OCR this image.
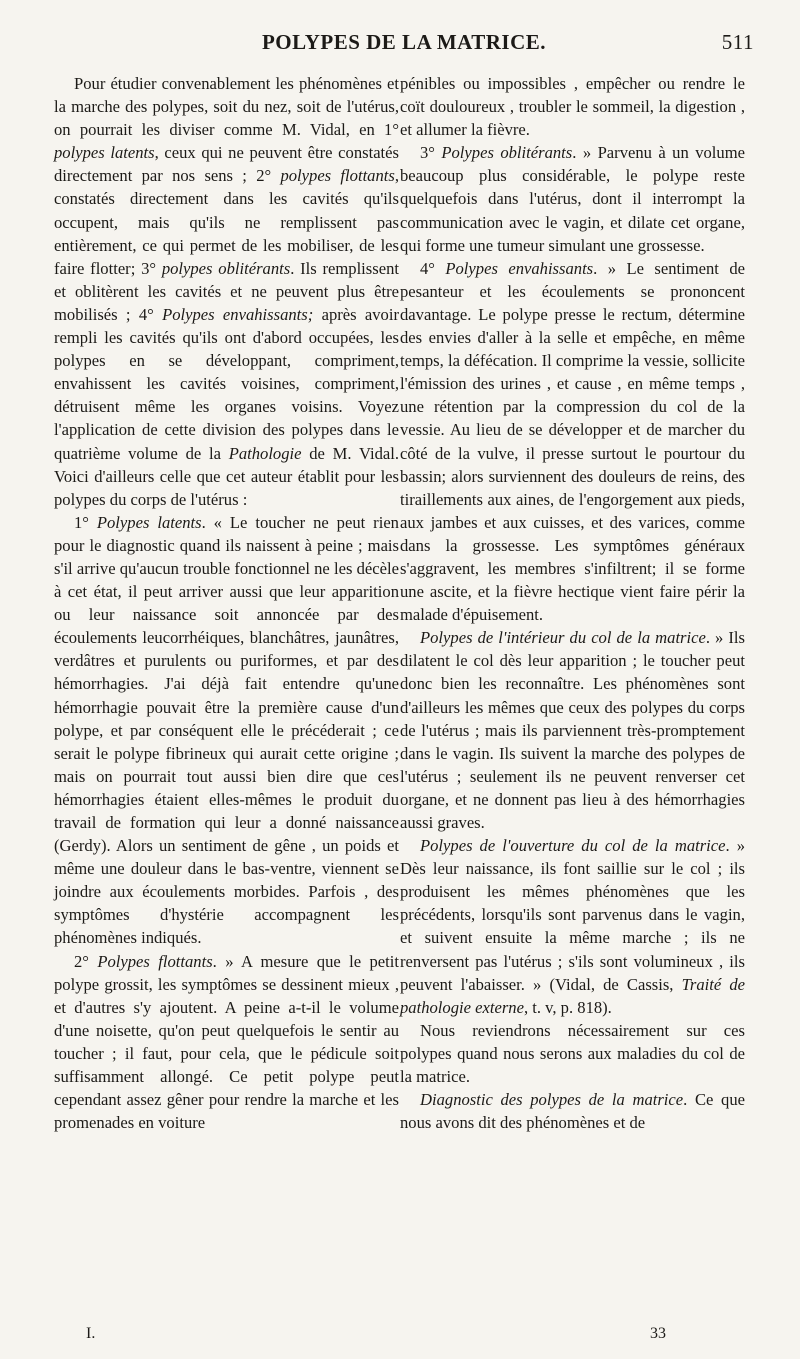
POLYPES DE LA MATRICE.	511

Pour étudier convenablement les phénomènes et la marche des polypes, soit du nez, soit de l'utérus, on pourrait les diviser comme M. Vidal, en 1° polypes latents, ceux qui ne peuvent être constatés directement par nos sens ; 2° polypes flottants, constatés directement dans les cavités qu'ils occupent, mais qu'ils ne remplissent pas entièrement, ce qui permet de les mobiliser, de les faire flotter; 3° polypes oblitérants. Ils remplissent et oblitèrent les cavités et ne peuvent plus être mobilisés ; 4° Polypes envahissants; après avoir rempli les cavités qu'ils ont d'abord occupées, les polypes en se développant, compriment, envahissent les cavités voisines, compriment, détruisent même les organes voisins. Voyez l'application de cette division des polypes dans le quatrième volume de la Pathologie de M. Vidal. Voici d'ailleurs celle que cet auteur établit pour les polypes du corps de l'utérus :

1° Polypes latents. « Le toucher ne peut rien pour le diagnostic quand ils naissent à peine ; mais s'il arrive qu'aucun trouble fonctionnel ne les décèle à cet état, il peut arriver aussi que leur apparition ou leur naissance soit annoncée par des écoulements leucorrhéiques, blanchâtres, jaunâtres, verdâtres et purulents ou puriformes, et par des hémorrhagies. J'ai déjà fait entendre qu'une hémorrhagie pouvait être la première cause d'un polype, et par conséquent elle le précéderait ; ce serait le polype fibrineux qui aurait cette origine ; mais on pourrait tout aussi bien dire que ces hémorrhagies étaient elles-mêmes le produit du travail de formation qui leur a donné naissance (Gerdy). Alors un sentiment de gêne , un poids et même une douleur dans le bas-ventre, viennent se joindre aux écoulements morbides. Parfois , des symptômes d'hystérie accompagnent les phénomènes indiqués.

2° Polypes flottants. » A mesure que le petit polype grossit, les symptômes se dessinent mieux , et d'autres s'y ajoutent. A peine a-t-il le volume d'une noisette, qu'on peut quelquefois le sentir au toucher ; il faut, pour cela, que le pédicule soit suffisamment allongé. Ce petit polype peut cependant assez gêner pour rendre la marche et les promenades en voiture

pénibles ou impossibles , empêcher ou rendre le coït douloureux , troubler le sommeil, la digestion , et allumer la fièvre.

3° Polypes oblitérants. » Parvenu à un volume beaucoup plus considérable, le polype reste quelquefois dans l'utérus, dont il interrompt la communication avec le vagin, et dilate cet organe, qui forme une tumeur simulant une grossesse.

4° Polypes envahissants. » Le sentiment de pesanteur et les écoulements se prononcent davantage. Le polype presse le rectum, détermine des envies d'aller à la selle et empêche, en même temps, la défécation. Il comprime la vessie, sollicite l'émission des urines , et cause , en même temps , une rétention par la compression du col de la vessie. Au lieu de se développer et de marcher du côté de la vulve, il presse surtout le pourtour du bassin; alors surviennent des douleurs de reins, des tiraillements aux aines, de l'engorgement aux pieds, aux jambes et aux cuisses, et des varices, comme dans la grossesse. Les symptômes généraux s'aggravent, les membres s'infiltrent; il se forme une ascite, et la fièvre hectique vient faire périr la malade d'épuisement.

Polypes de l'intérieur du col de la matrice. » Ils dilatent le col dès leur apparition ; le toucher peut donc bien les reconnaître. Les phénomènes sont d'ailleurs les mêmes que ceux des polypes du corps de l'utérus ; mais ils parviennent très-promptement dans le vagin. Ils suivent la marche des polypes de l'utérus ; seulement ils ne peuvent renverser cet organe, et ne donnent pas lieu à des hémorrhagies aussi graves.

Polypes de l'ouverture du col de la matrice. » Dès leur naissance, ils font saillie sur le col ; ils produisent les mêmes phénomènes que les précédents, lorsqu'ils sont parvenus dans le vagin, et suivent ensuite la même marche ; ils ne renversent pas l'utérus ; s'ils sont volumineux , ils peuvent l'abaisser. » (Vidal, de Cassis, Traité de pathologie externe, t. v, p. 818).

Nous reviendrons nécessairement sur ces polypes quand nous serons aux maladies du col de la matrice.

Diagnostic des polypes de la matrice. Ce que nous avons dit des phénomènes et de

I.	33
